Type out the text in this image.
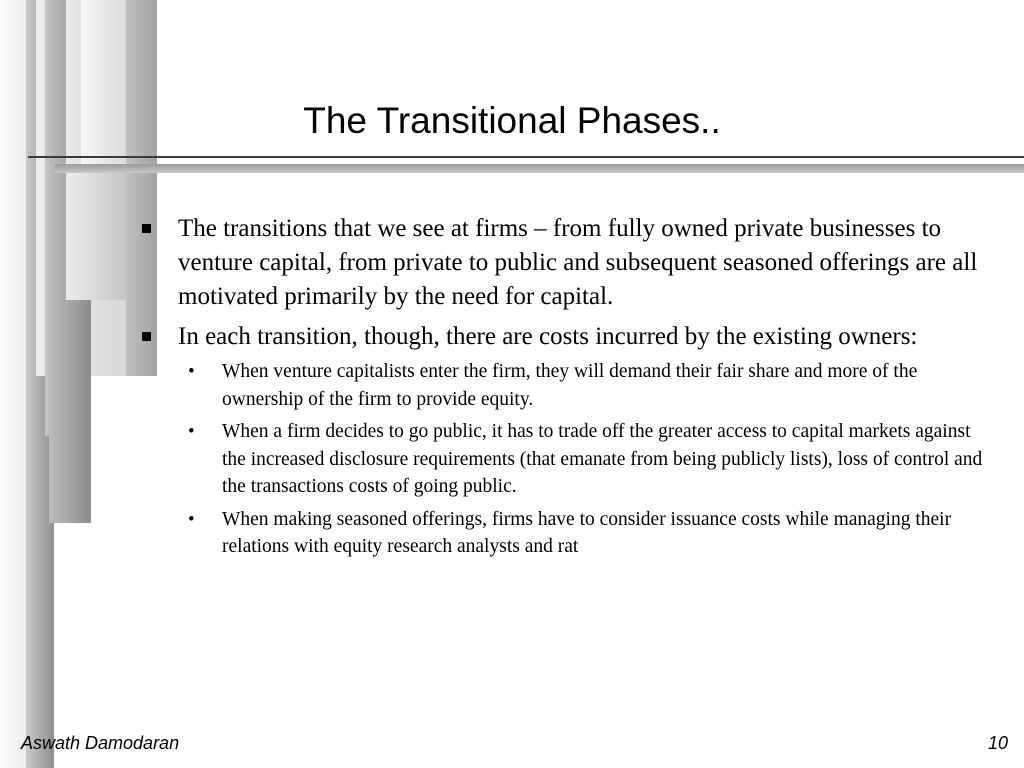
The Transitional Phases..
The transitions that we see at firms – from fully owned private businesses to venture capital, from private to public and subsequent seasoned offerings are all motivated primarily by the need for capital.
In each transition, though, there are costs incurred by the existing owners:
• When venture capitalists enter the firm, they will demand their fair share and more of the ownership of the firm to provide equity.
• When a firm decides to go public, it has to trade off the greater access to capital markets against the increased disclosure requirements (that emanate from being publicly lists), loss of control and the transactions costs of going public.
• When making seasoned offerings, firms have to consider issuance costs while managing their relations with equity research analysts and rat
Aswath Damodaran	10
